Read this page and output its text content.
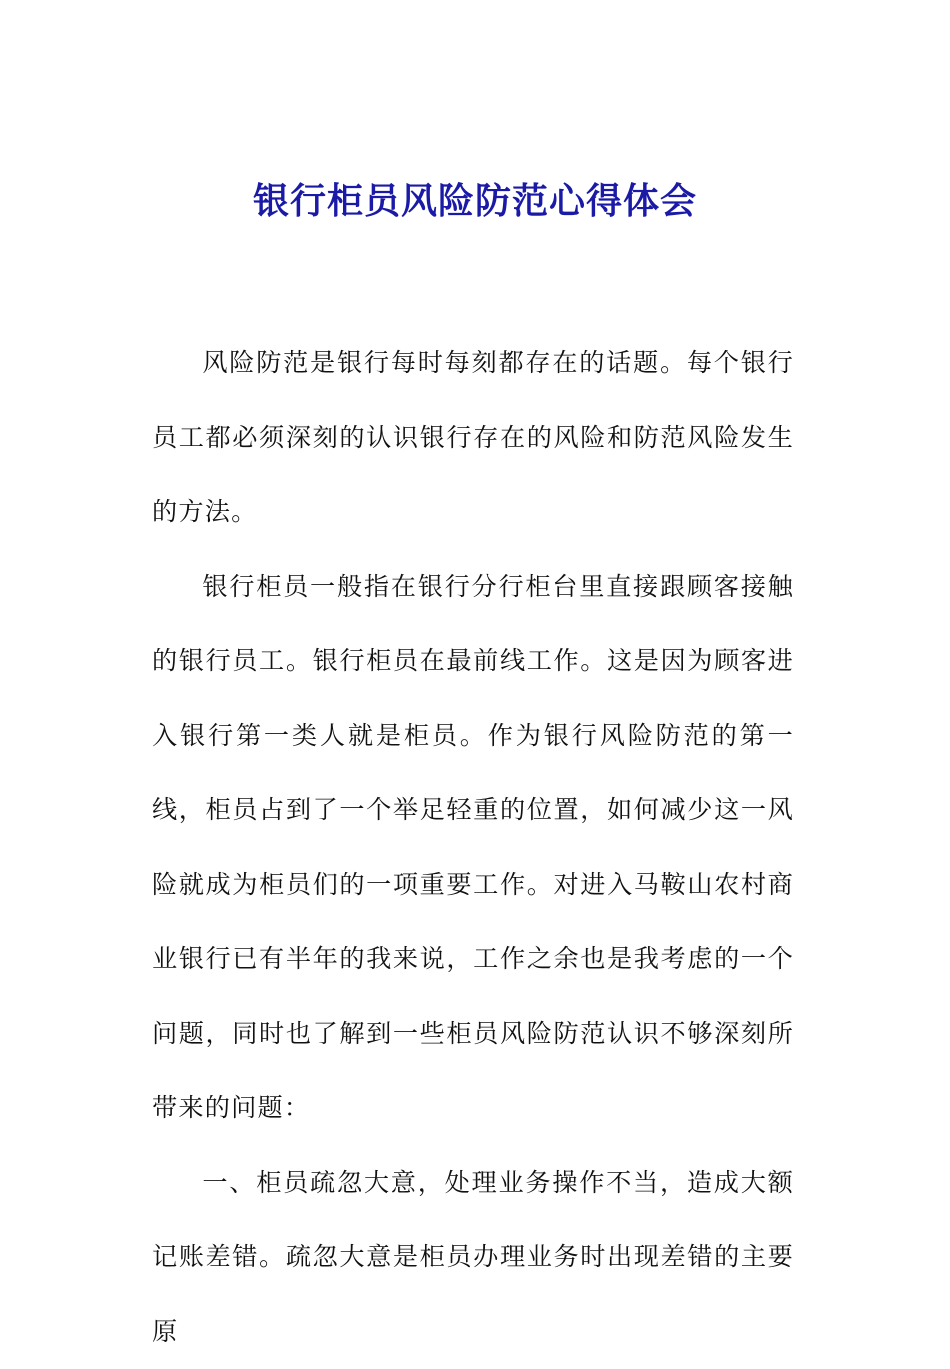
银行柜员风险防范心得体会

风险防范是银行每时每刻都存在的话题。每个银行员工都必须深刻的认识银行存在的风险和防范风险发生的方法。

银行柜员一般指在银行分行柜台里直接跟顾客接触的银行员工。银行柜员在最前线工作。这是因为顾客进入银行第一类人就是柜员。作为银行风险防范的第一线，柜员占到了一个举足轻重的位置，如何减少这一风险就成为柜员们的一项重要工作。对进入马鞍山农村商业银行已有半年的我来说，工作之余也是我考虑的一个问题，同时也了解到一些柜员风险防范认识不够深刻所带来的问题：

一、柜员疏忽大意，处理业务操作不当，造成大额记账差错。疏忽大意是柜员办理业务时出现差错的主要原
